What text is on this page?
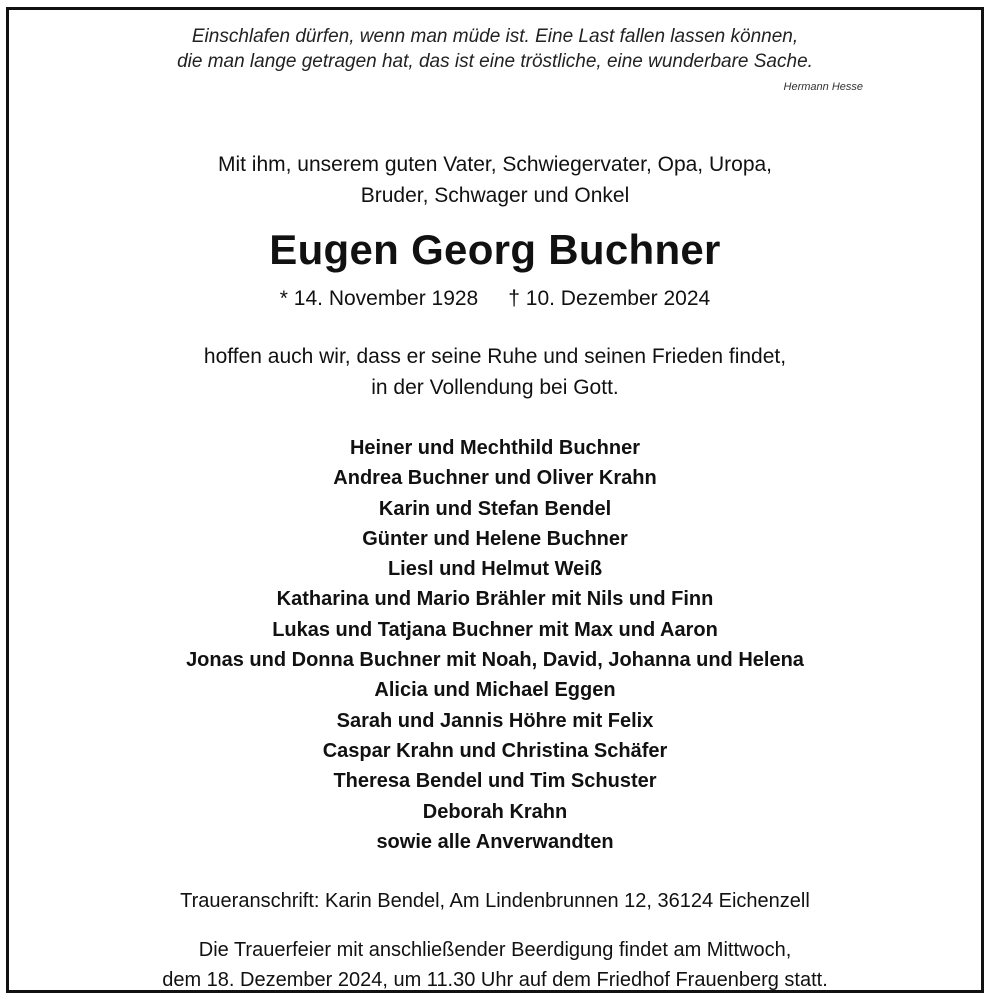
Einschlafen dürfen, wenn man müde ist. Eine Last fallen lassen können,
die man lange getragen hat, das ist eine tröstliche, eine wunderbare Sache.
Hermann Hesse
Mit ihm, unserem guten Vater, Schwiegervater, Opa, Uropa,
Bruder, Schwager und Onkel
Eugen Georg Buchner
* 14. November 1928 † 10. Dezember 2024
hoffen auch wir, dass er seine Ruhe und seinen Frieden findet,
in der Vollendung bei Gott.
Heiner und Mechthild Buchner
Andrea Buchner und Oliver Krahn
Karin und Stefan Bendel
Günter und Helene Buchner
Liesl und Helmut Weiß
Katharina und Mario Brähler mit Nils und Finn
Lukas und Tatjana Buchner mit Max und Aaron
Jonas und Donna Buchner mit Noah, David, Johanna und Helena
Alicia und Michael Eggen
Sarah und Jannis Höhre mit Felix
Caspar Krahn und Christina Schäfer
Theresa Bendel und Tim Schuster
Deborah Krahn
sowie alle Anverwandten
Traueranschrift: Karin Bendel, Am Lindenbrunnen 12, 36124 Eichenzell
Die Trauerfeier mit anschließender Beerdigung findet am Mittwoch,
dem 18. Dezember 2024, um 11.30 Uhr auf dem Friedhof Frauenberg statt.
